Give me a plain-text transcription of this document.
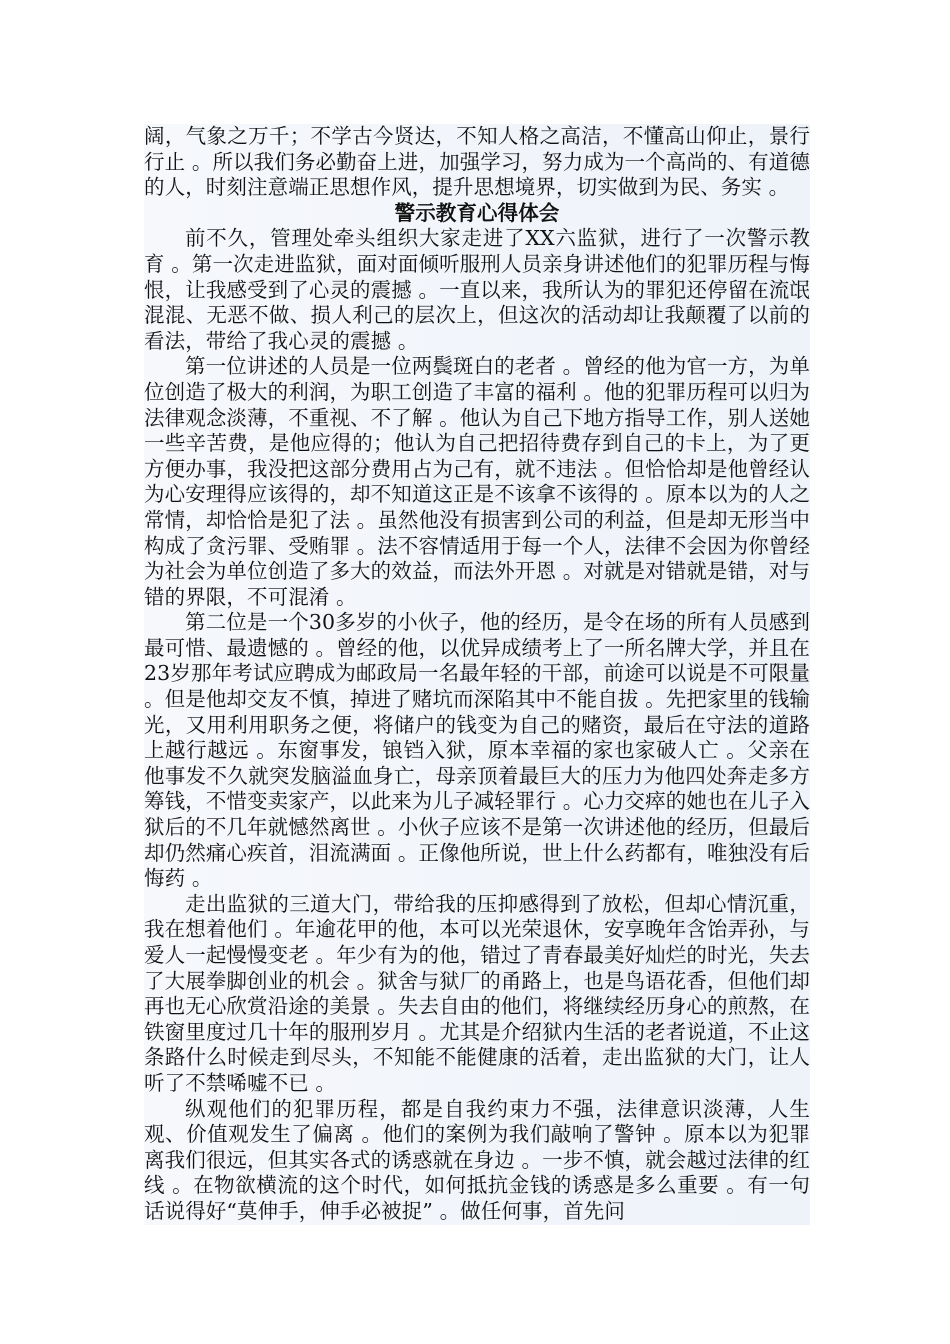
阔，气象之万千；不学古今贤达，不知人格之高洁，不懂高山仰止，景行行止 。所以我们务必勤奋上进，加强学习，努力成为一个高尚的、有道德的人，时刻注意端正思想作风，提升思想境界，切实做到为民、务实 。

警示教育心得体会

前不久，管理处牵头组织大家走进了XX六监狱，进行了一次警示教育 。第一次走进监狱，面对面倾听服刑人员亲身讲述他们的犯罪历程与悔恨，让我感受到了心灵的震撼 。一直以来，我所认为的罪犯还停留在流氓混混、无恶不做、损人利己的层次上，但这次的活动却让我颠覆了以前的看法，带给了我心灵的震撼 。

第一位讲述的人员是一位两鬓斑白的老者 。曾经的他为官一方，为单位创造了极大的利润，为职工创造了丰富的福利 。他的犯罪历程可以归为法律观念淡薄，不重视、不了解 。他认为自己下地方指导工作，别人送她一些辛苦费，是他应得的；他认为自己把招待费存到自己的卡上，为了更方便办事，我没把这部分费用占为己有，就不违法 。但恰恰却是他曾经认为心安理得应该得的，却不知道这正是不该拿不该得的 。原本以为的人之常情，却恰恰是犯了法 。虽然他没有损害到公司的利益，但是却无形当中构成了贪污罪、受贿罪 。法不容情适用于每一个人，法律不会因为你曾经为社会为单位创造了多大的效益，而法外开恩 。对就是对错就是错，对与错的界限，不可混淆 。

第二位是一个30多岁的小伙子，他的经历，是令在场的所有人员感到最可惜、最遗憾的 。曾经的他，以优异成绩考上了一所名牌大学，并且在23岁那年考试应聘成为邮政局一名最年轻的干部，前途可以说是不可限量 。但是他却交友不慎，掉进了赌坑而深陷其中不能自拔 。先把家里的钱输光，又用利用职务之便，将储户的钱变为自己的赌资，最后在守法的道路上越行越远 。东窗事发，锒铛入狱，原本幸福的家也家破人亡 。父亲在他事发不久就突发脑溢血身亡，母亲顶着最巨大的压力为他四处奔走多方筹钱，不惜变卖家产，以此来为儿子减轻罪行 。心力交瘁的她也在儿子入狱后的不几年就憾然离世 。小伙子应该不是第一次讲述他的经历，但最后却仍然痛心疾首，泪流满面 。正像他所说，世上什么药都有，唯独没有后悔药 。

走出监狱的三道大门，带给我的压抑感得到了放松，但却心情沉重，我在想着他们 。年逾花甲的他，本可以光荣退休，安享晚年含饴弄孙，与爱人一起慢慢变老 。年少有为的他，错过了青春最美好灿烂的时光，失去了大展拳脚创业的机会 。狱舍与狱厂的甬路上，也是鸟语花香，但他们却再也无心欣赏沿途的美景 。失去自由的他们，将继续经历身心的煎熬，在铁窗里度过几十年的服刑岁月 。尤其是介绍狱内生活的老者说道，不止这条路什么时候走到尽头，不知能不能健康的活着，走出监狱的大门，让人听了不禁唏嘘不已 。

纵观他们的犯罪历程，都是自我约束力不强，法律意识淡薄，人生观、价值观发生了偏离 。他们的案例为我们敲响了警钟 。原本以为犯罪离我们很远，但其实各式的诱惑就在身边 。一步不慎，就会越过法律的红线 。在物欲横流的这个时代，如何抵抗金钱的诱惑是多么重要 。有一句话说得好“莫伸手，伸手必被捉” 。做任何事，首先问
